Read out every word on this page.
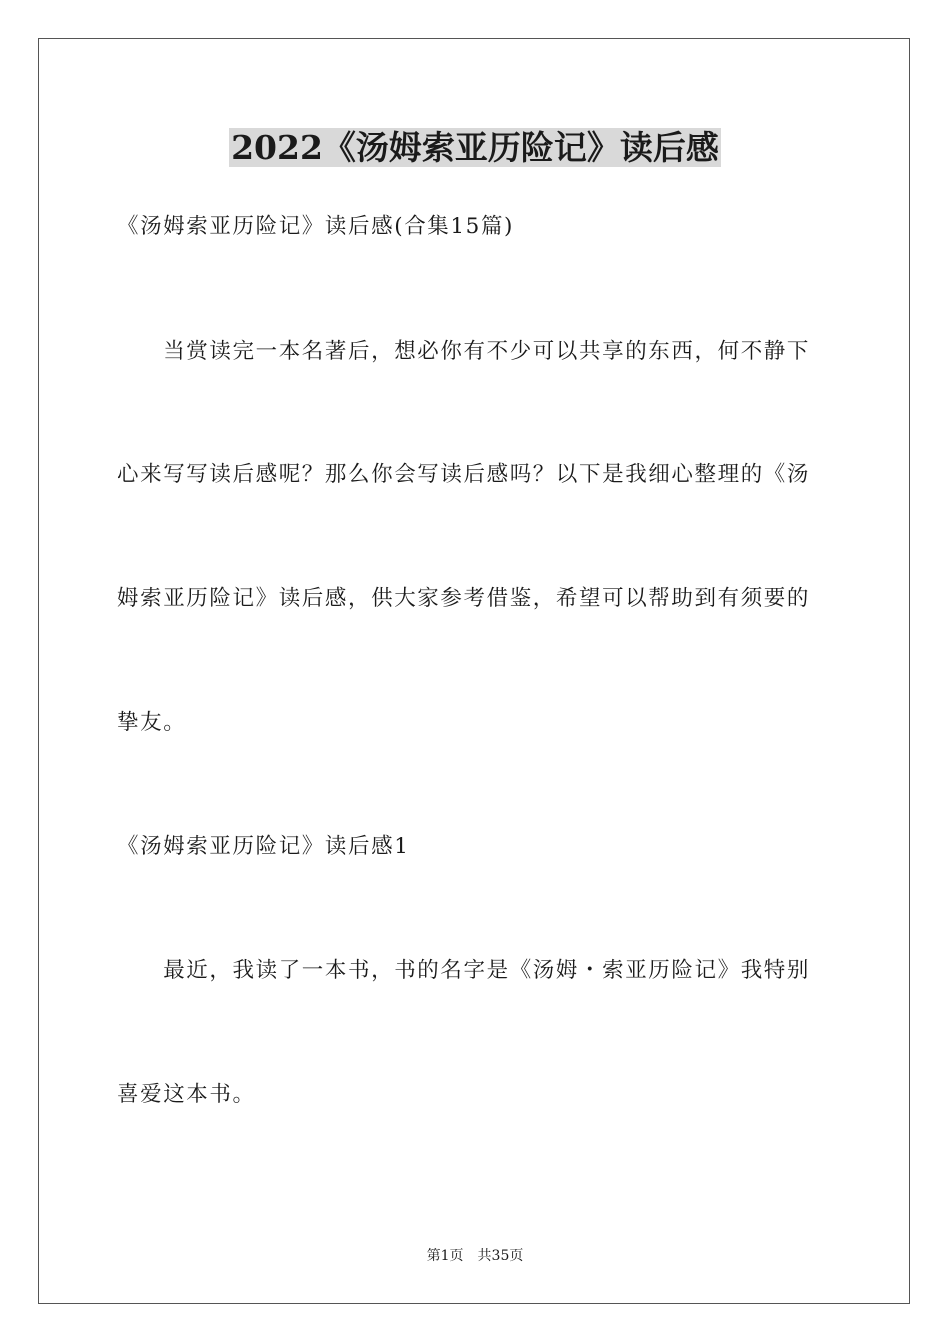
2022《汤姆索亚历险记》读后感
《汤姆索亚历险记》读后感(合集15篇)
　　当赏读完一本名著后，想必你有不少可以共享的东西，何不静下
心来写写读后感呢？那么你会写读后感吗？以下是我细心整理的《汤
姆索亚历险记》读后感，供大家参考借鉴，希望可以帮助到有须要的
挚友。
《汤姆索亚历险记》读后感1
　　最近，我读了一本书，书的名字是《汤姆・索亚历险记》我特别
喜爱这本书。
第1页　共35页
